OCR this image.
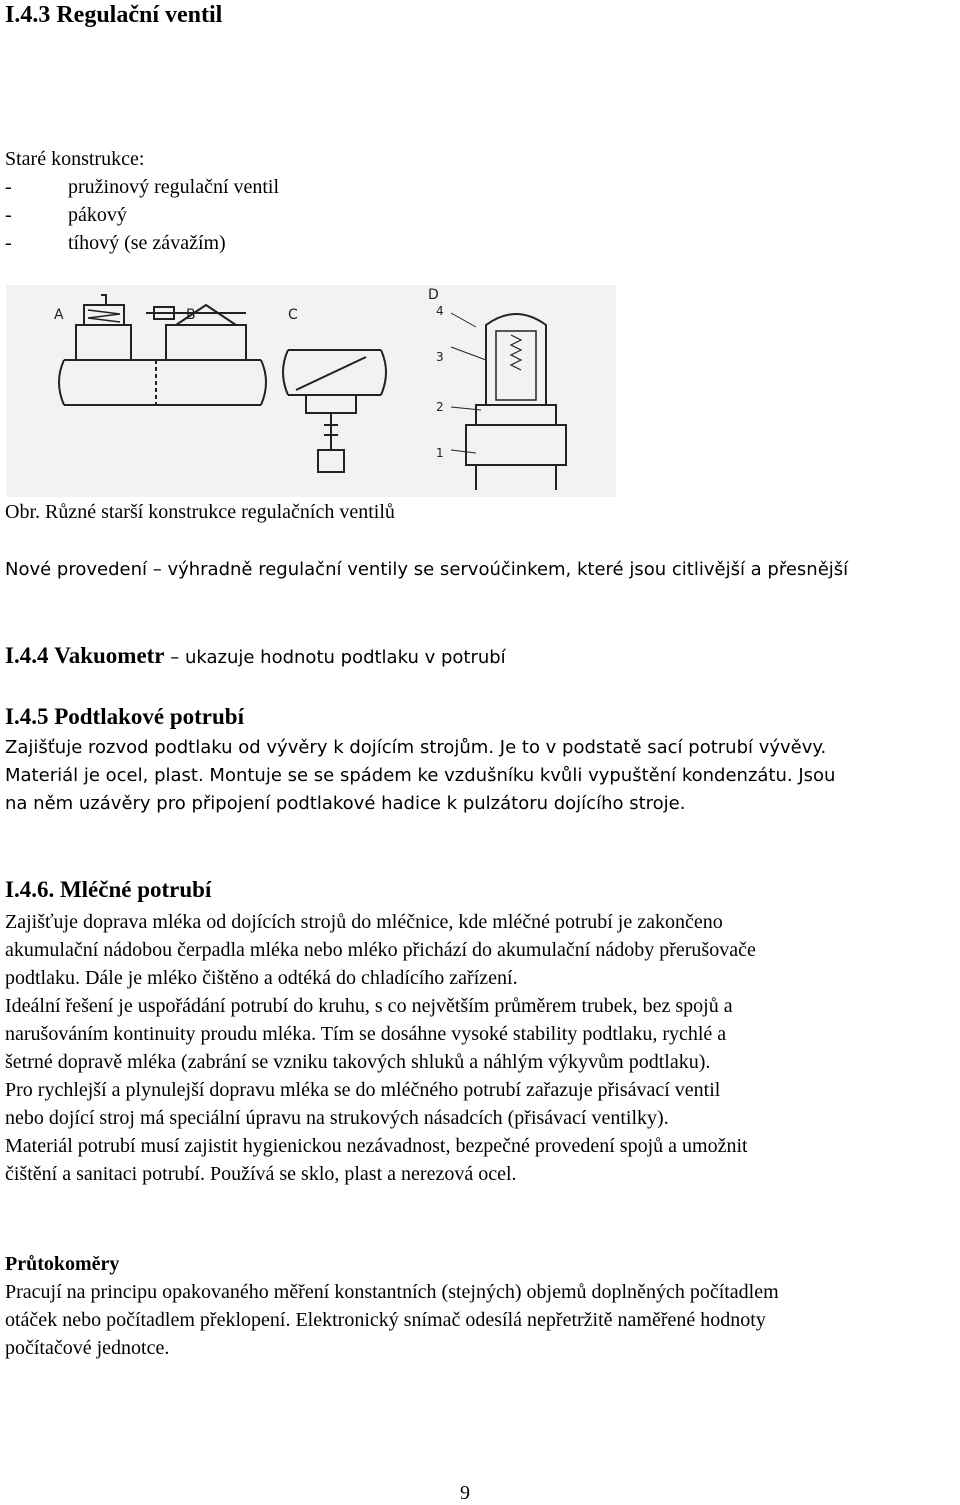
I.4.3 Regulační ventil

Staré konstrukce:

-	pružinový regulační ventil
-	pákový
-	tíhový (se závažím)
A	B	C
D
4
3
2
1

Obr. Různé starší konstrukce regulačních ventilů

Nové provedení – výhradně regulační ventily se servoúčinkem, které jsou citlivější a přesnější

I.4.4 Vakuometr – ukazuje hodnotu podtlaku v potrubí

I.4.5 Podtlakové potrubí

Zajišťuje rozvod podtlaku od vývěry k dojícím strojům. Je to v podstatě sací potrubí vývěvy.

Materiál je ocel, plast. Montuje se se spádem ke vzdušníku kvůli vypuštění kondenzátu. Jsou

na něm uzávěry pro připojení podtlakové hadice k pulzátoru dojícího stroje.

I.4.6. Mléčné potrubí

Zajišťuje doprava mléka od dojících strojů do mléčnice, kde mléčné potrubí je zakončeno

akumulační nádobou čerpadla mléka nebo mléko přichází do akumulační nádoby přerušovače

podtlaku. Dále je mléko čištěno a odtéká do chladícího zařízení.

Ideální řešení je uspořádání potrubí do kruhu, s co největším průměrem trubek, bez spojů a

narušováním kontinuity proudu mléka. Tím se dosáhne vysoké stability podtlaku, rychlé a

šetrné dopravě mléka (zabrání se vzniku takových shluků a náhlým výkyvům podtlaku).

Pro rychlejší a plynulejší dopravu mléka se do mléčného potrubí zařazuje přisávací ventil

nebo dojící stroj má speciální úpravu na strukových násadcích (přisávací ventilky).

Materiál potrubí musí zajistit hygienickou nezávadnost, bezpečné provedení spojů a umožnit

čištění a sanitaci potrubí. Používá se sklo, plast a nerezová ocel.

Průtokoměry

Pracují na principu opakovaného měření konstantních (stejných) objemů doplněných počítadlem

otáček nebo počítadlem překlopení. Elektronický snímač odesílá nepřetržitě naměřené hodnoty

počítačové jednotce.

9
